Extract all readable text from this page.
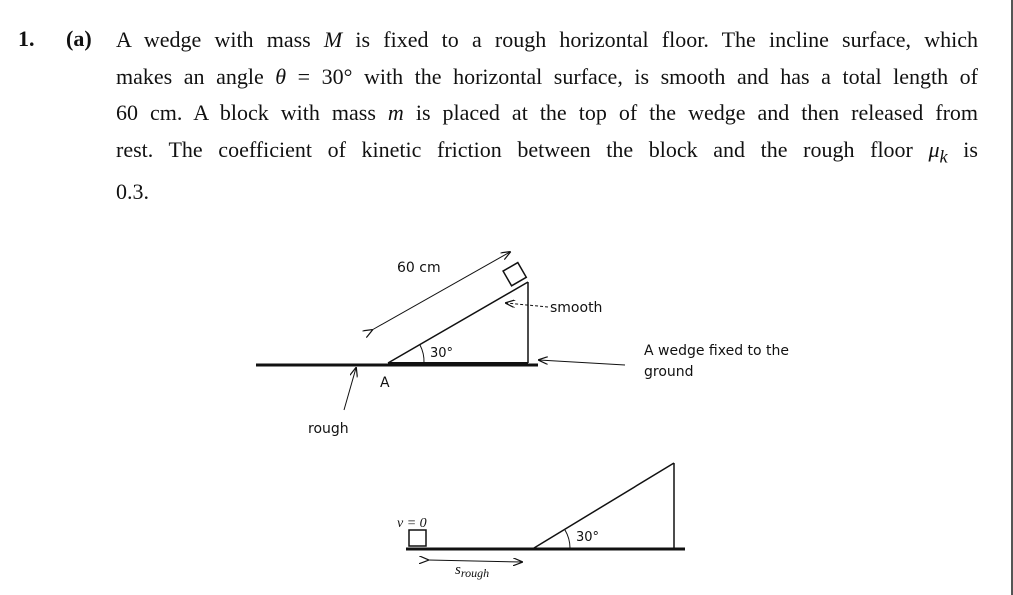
1. (a) A wedge with mass M is fixed to a rough horizontal floor. The incline surface, which
makes an angle θ = 30° with the horizontal surface, is smooth and has a total length of
60 cm. A block with mass m is placed at the top of the wedge and then released from
rest. The coefficient of kinetic friction between the block and the rough floor $\mu_k$ is
0.3.
60 cm
30°
smooth
A wedge fixed to the
ground
A
rough
30°
v = 0
$s_{rough}$
